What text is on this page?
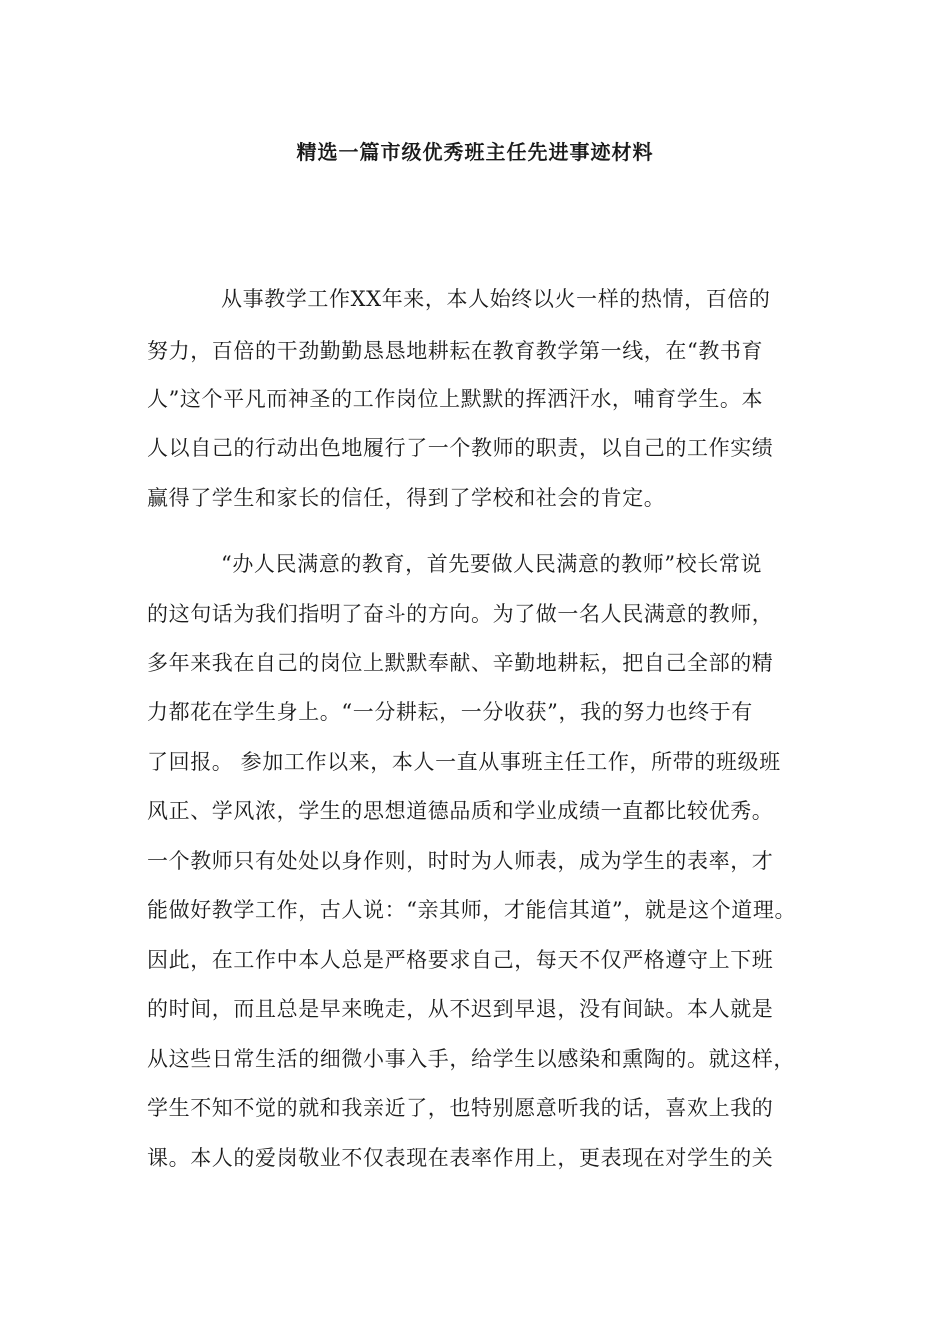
精选一篇市级优秀班主任先进事迹材料
从事教学工作XX年来，本人始终以火一样的热情，百倍的
努力，百倍的干劲勤勤恳恳地耕耘在教育教学第一线，在“教书育
人”这个平凡而神圣的工作岗位上默默的挥洒汗水，哺育学生。本
人以自己的行动出色地履行了一个教师的职责，以自己的工作实绩
赢得了学生和家长的信任，得到了学校和社会的肯定。
“办人民满意的教育，首先要做人民满意的教师”校长常说
的这句话为我们指明了奋斗的方向。为了做一名人民满意的教师，
多年来我在自己的岗位上默默奉献、辛勤地耕耘，把自己全部的精
力都花在学生身上。“一分耕耘，一分收获”，我的努力也终于有
了回报。 参加工作以来，本人一直从事班主任工作，所带的班级班
风正、学风浓，学生的思想道德品质和学业成绩一直都比较优秀。
一个教师只有处处以身作则，时时为人师表，成为学生的表率，才
能做好教学工作，古人说：“亲其师，才能信其道”，就是这个道理。
因此，在工作中本人总是严格要求自己，每天不仅严格遵守上下班
的时间，而且总是早来晚走，从不迟到早退，没有间缺。本人就是
从这些日常生活的细微小事入手，给学生以感染和熏陶的。就这样，
学生不知不觉的就和我亲近了，也特别愿意听我的话，喜欢上我的
课。本人的爱岗敬业不仅表现在表率作用上，更表现在对学生的关
